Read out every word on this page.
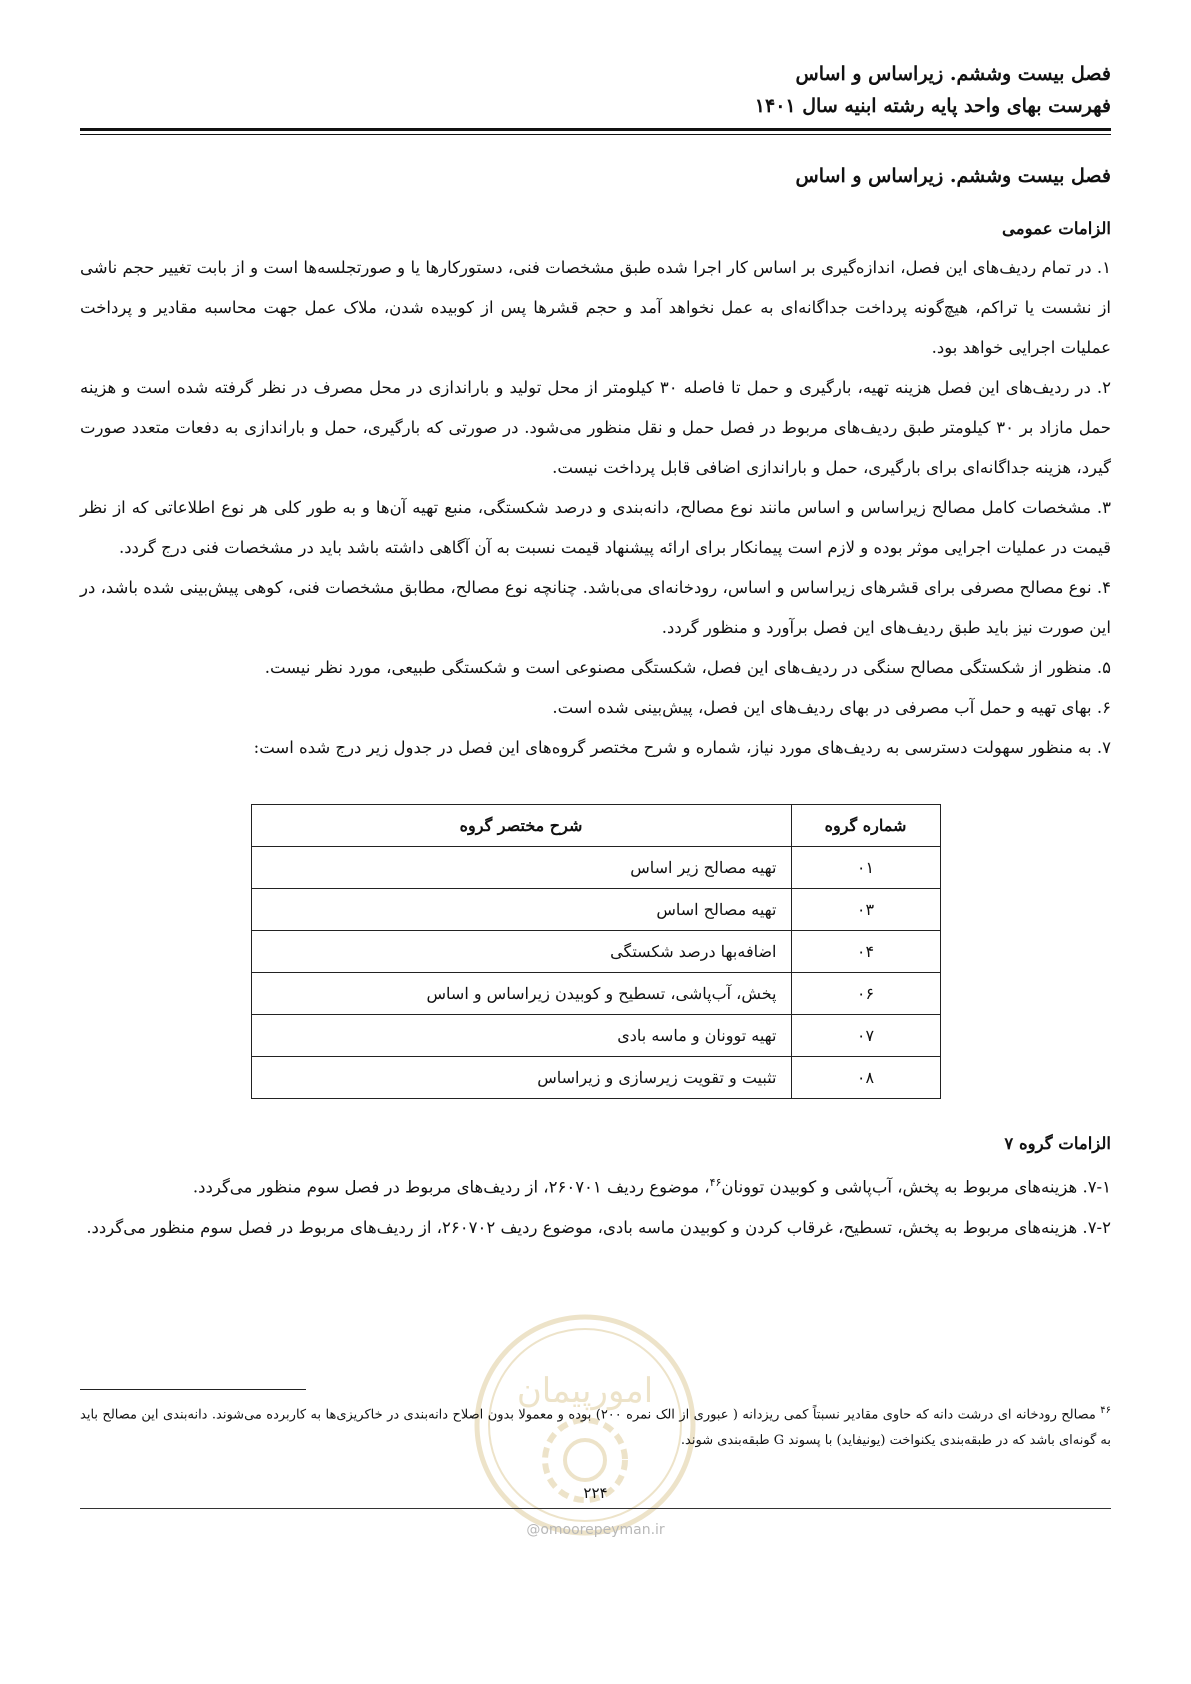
فصل بیست وششم. زیراساس و اساس
فهرست بهای واحد پایه رشته ابنیه سال ۱۴۰۱
فصل بیست وششم. زیراساس و اساس
الزامات عمومی

۱. در تمام ردیف‌های این فصل، اندازه‌گیری بر اساس کار اجرا شده طبق مشخصات فنی، دستورکارها یا و صورتجلسه‌ها است و از بابت تغییر حجم ناشی از نشست یا تراکم، هیچ‌گونه پرداخت جداگانه‌ای به عمل نخواهد آمد و حجم قشرها پس از کوبیده شدن، ملاک عمل جهت محاسبه مقادیر و پرداخت عملیات اجرایی خواهد بود.

۲. در ردیف‌های این فصل هزینه تهیه، بارگیری و حمل تا فاصله ۳۰ کیلومتر از محل تولید و باراندازی در محل مصرف در نظر گرفته شده است و هزینه حمل مازاد بر ۳۰ کیلومتر طبق ردیف‌های مربوط در فصل حمل و نقل منظور می‌شود. در صورتی که بارگیری، حمل و باراندازی به دفعات متعدد صورت گیرد، هزینه جداگانه‌ای برای بارگیری، حمل و باراندازی اضافی قابل پرداخت نیست.

۳. مشخصات کامل مصالح زیراساس و اساس مانند نوع مصالح، دانه‌بندی و درصد شکستگی، منبع تهیه آن‌ها و به طور کلی هر نوع اطلاعاتی که از نظر قیمت در عملیات اجرایی موثر بوده و لازم است پیمانکار برای ارائه پیشنهاد قیمت نسبت به آن آگاهی داشته باشد باید در مشخصات فنی درج گردد.

۴. نوع مصالح مصرفی برای قشرهای زیراساس و اساس، رودخانه‌ای می‌باشد. چنانچه نوع مصالح، مطابق مشخصات فنی، کوهی پیش‌بینی شده باشد، در این صورت نیز باید طبق ردیف‌های این فصل برآورد و منظور گردد.

۵. منظور از شکستگی مصالح سنگی در ردیف‌های این فصل، شکستگی مصنوعی است و شکستگی طبیعی، مورد نظر نیست.

۶. بهای تهیه و حمل آب مصرفی در بهای ردیف‌های این فصل، پیش‌بینی شده است.

۷. به منظور سهولت دسترسی به ردیف‌های مورد نیاز، شماره و شرح مختصر گروه‌های این فصل در جدول زیر درج شده است:

شماره گروه	شرح مختصر گروه
۰۱	تهیه مصالح زیر اساس
۰۳	تهیه مصالح اساس
۰۴	اضافه‌بها درصد شکستگی
۰۶	پخش، آب‌پاشی، تسطیح و کوبیدن زیراساس و اساس
۰۷	تهیه توونان و ماسه بادی
۰۸	تثبیت و تقویت زیرسازی و زیراساس
الزامات گروه ۷

۷-۱. هزینه‌های مربوط به پخش، آب‌پاشی و کوبیدن توونان$^{۴۶}$، موضوع ردیف ۲۶۰۷۰۱، از ردیف‌های مربوط در فصل سوم منظور می‌گردد.

۷-۲. هزینه‌های مربوط به پخش، تسطیح، غرقاب کردن و کوبیدن ماسه بادی، موضوع ردیف ۲۶۰۷۰۲، از ردیف‌های مربوط در فصل سوم منظور می‌گردد.

امورپیمان	$^{۴۶}$ مصالح رودخانه ای درشت دانه که حاوی مقادیر نسبتاً کمی ریزدانه ( عبوری از الک نمره ۲۰۰) بوده و معمولا بدون اصلاح دانه‌بندی در خاکریزی‌ها به کاربرده می‌شوند. دانه‌بندی این مصالح باید به گونه‌ای باشد که در طبقه‌بندی یکنواخت (یونیفاید) با پسوند G طبقه‌بندی شوند.
۲۲۴
@omoorepeyman.ir
